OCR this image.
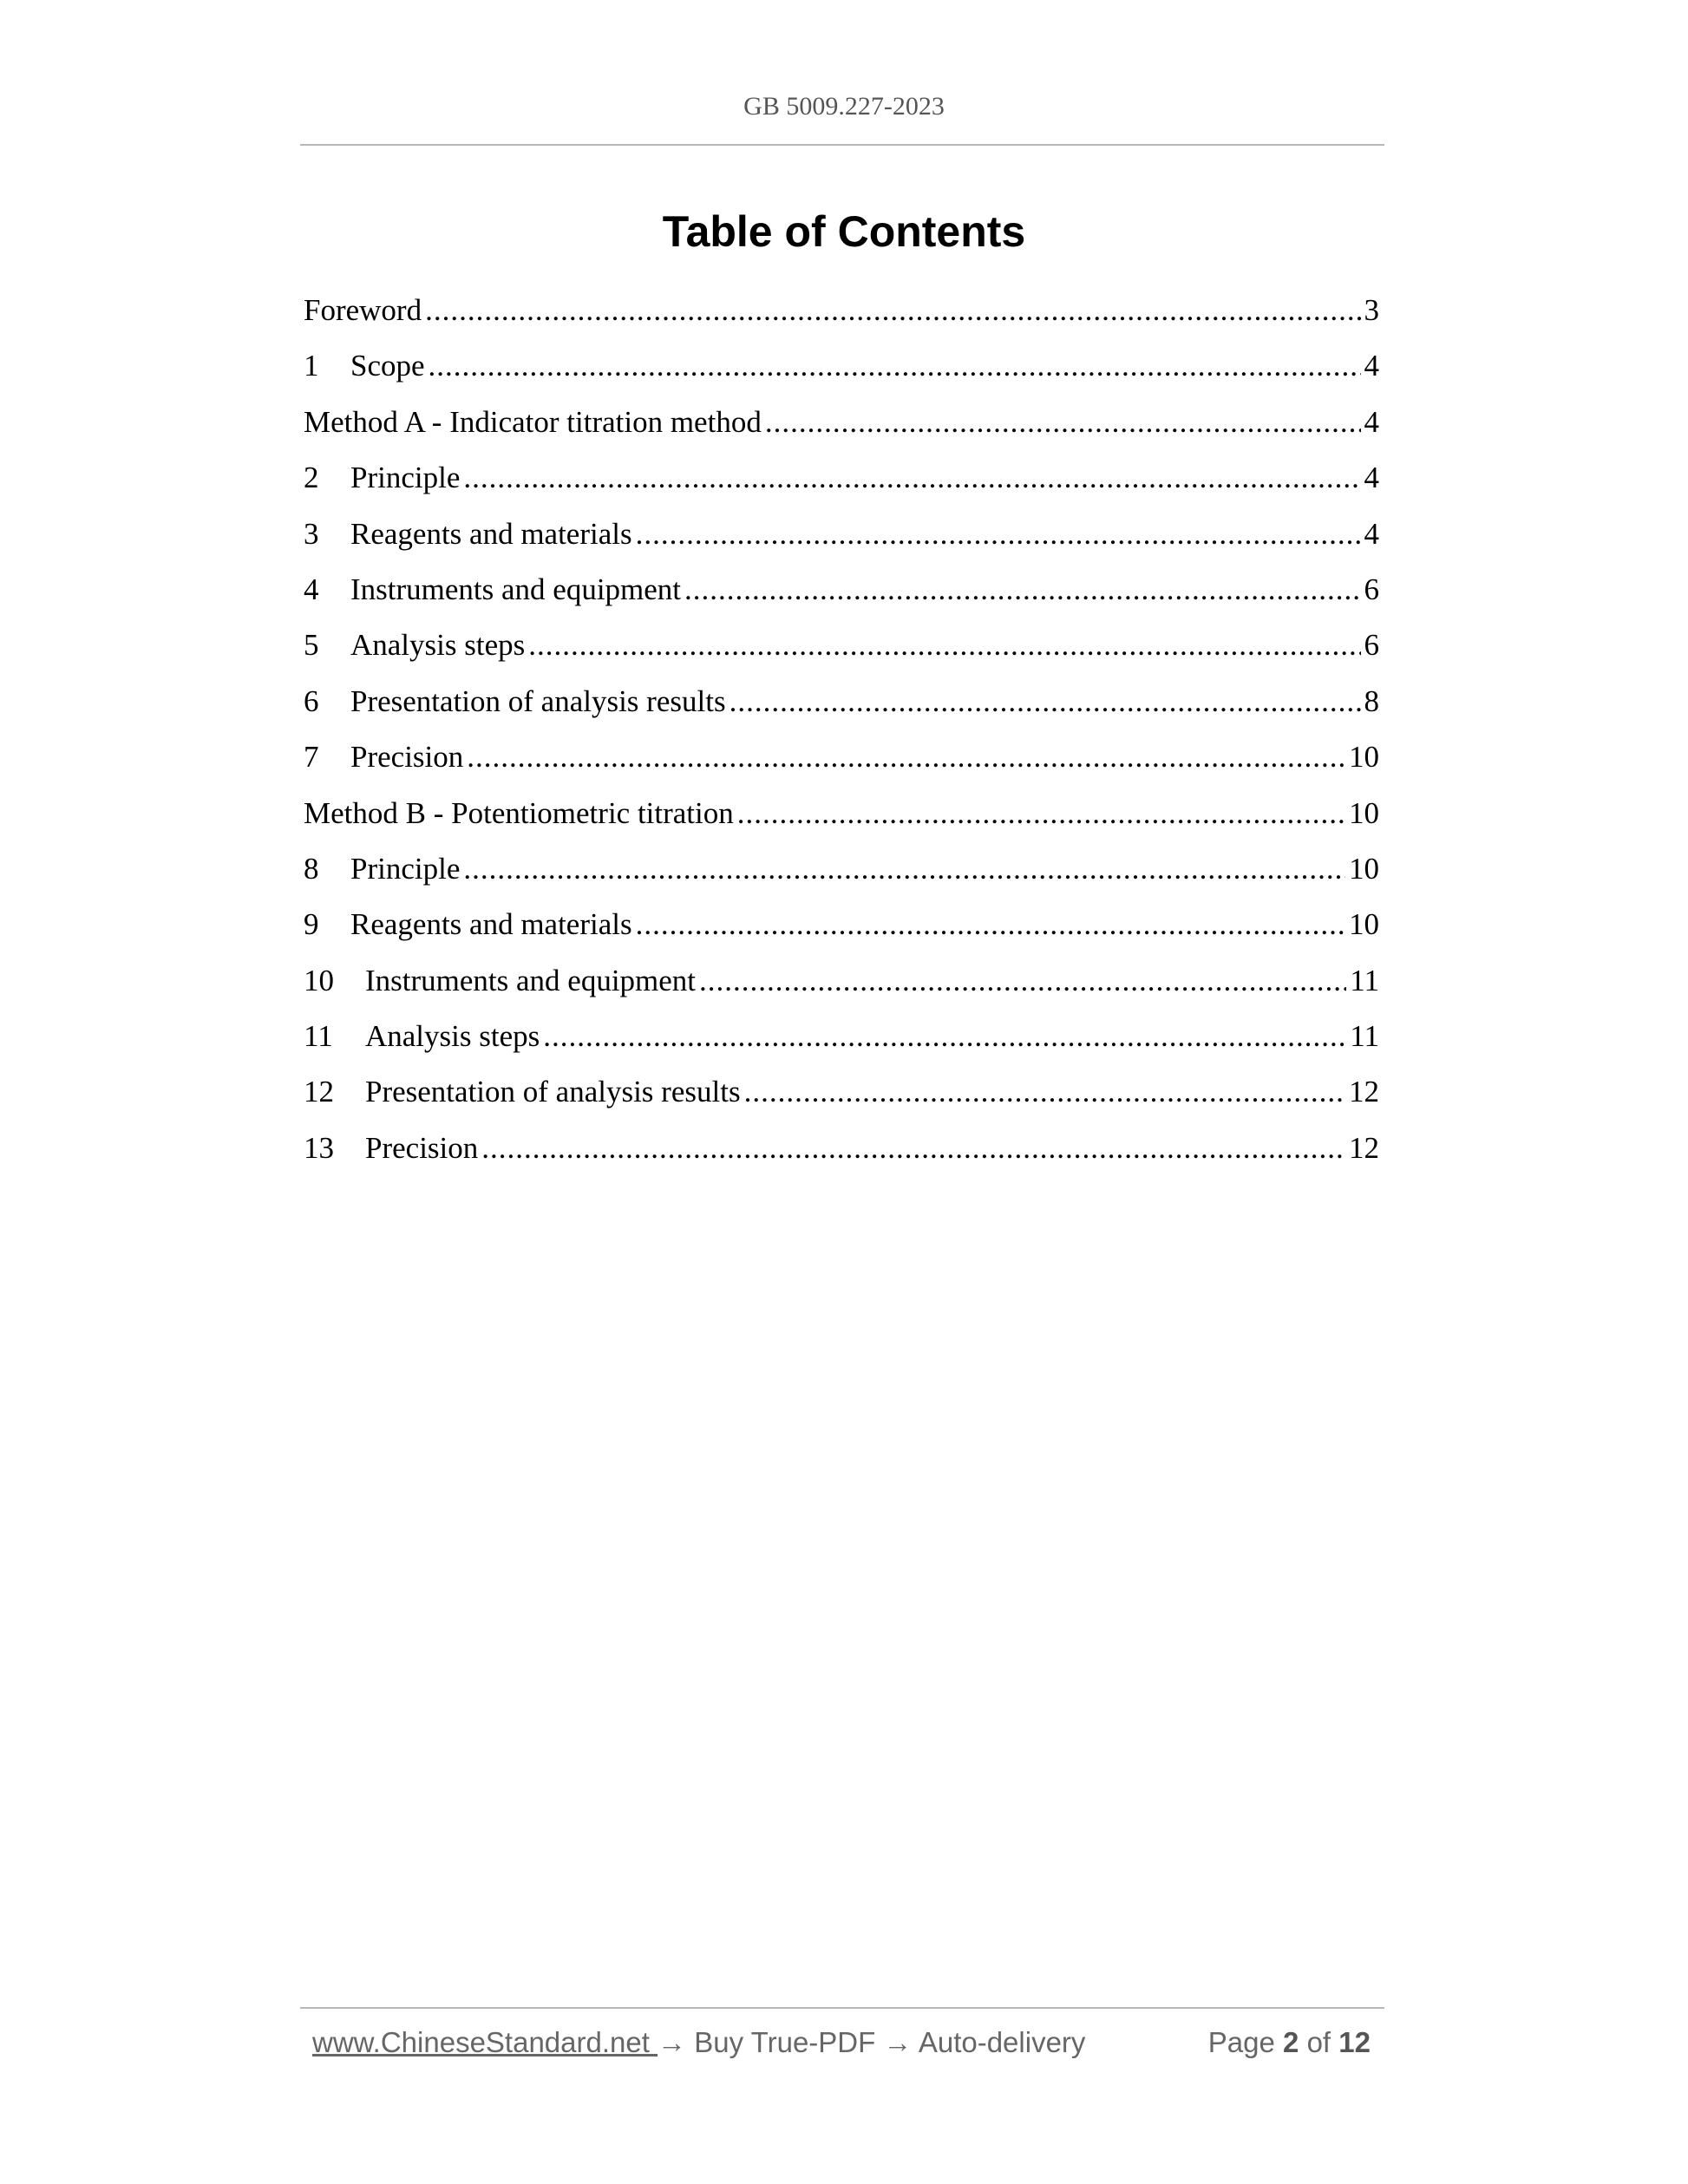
GB 5009.227-2023
Table of Contents
Foreword .....	3
1	Scope .....	4
Method A - Indicator titration method .....	4
2	Principle .....	4
3	Reagents and materials .....	4
4	Instruments and equipment .....	6
5	Analysis steps .....	6
6	Presentation of analysis results .....	8
7	Precision .....	10
Method B - Potentiometric titration .....	10
8	Principle .....	10
9	Reagents and materials .....	10
10	Instruments and equipment .....	11
11	Analysis steps .....	11
12	Presentation of analysis results .....	12
13	Precision .....	12
www.ChineseStandard.net → Buy True-PDF → Auto-delivery	Page 2 of 12
